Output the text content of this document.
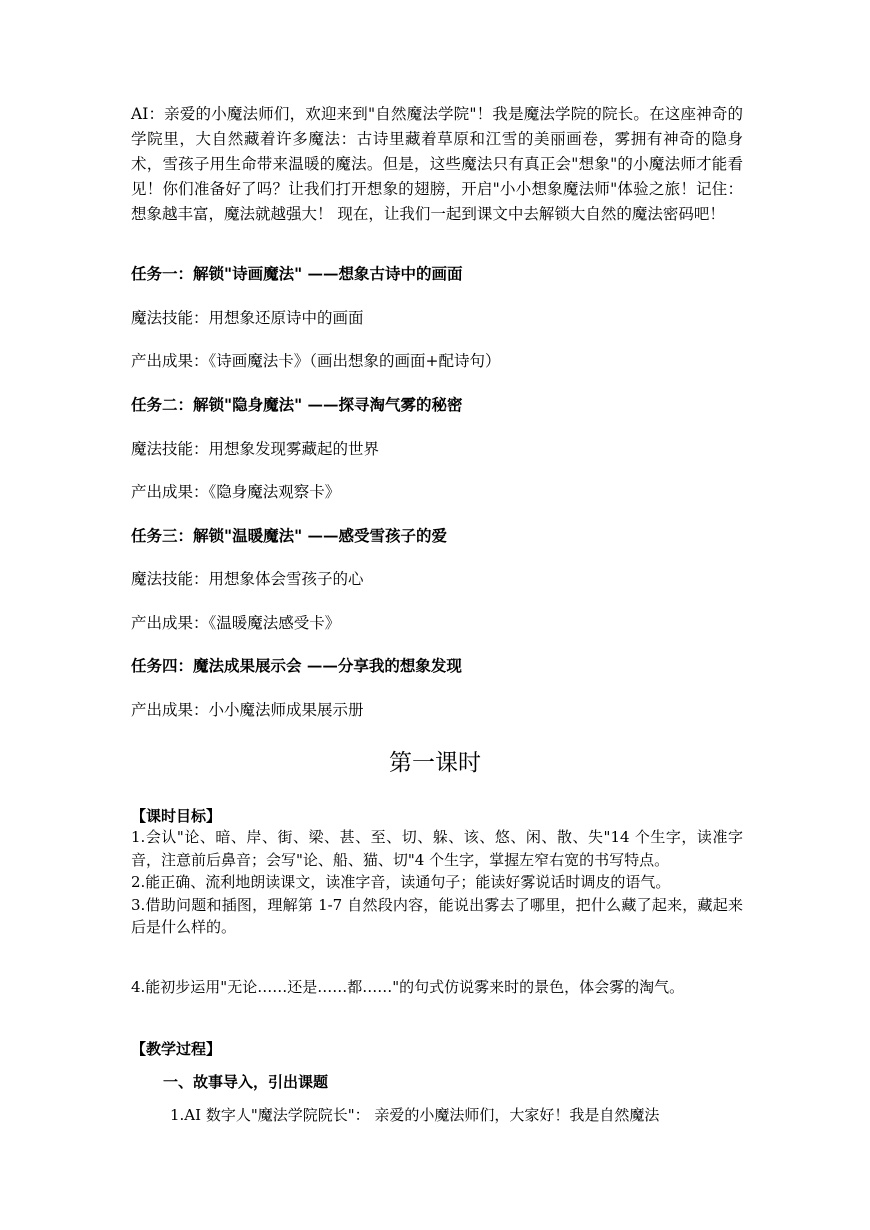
AI：亲爱的小魔法师们，欢迎来到"自然魔法学院"！我是魔法学院的院长。在这座神奇的学院里，大自然藏着许多魔法：古诗里藏着草原和江雪的美丽画卷，雾拥有神奇的隐身术，雪孩子用生命带来温暖的魔法。但是，这些魔法只有真正会"想象"的小魔法师才能看见！你们准备好了吗？让我们打开想象的翅膀，开启"小小想象魔法师"体验之旅！记住：想象越丰富，魔法就越强大！ 现在，让我们一起到课文中去解锁大自然的魔法密码吧！

任务一：解锁"诗画魔法" ——想象古诗中的画面

魔法技能：用想象还原诗中的画面

产出成果：《诗画魔法卡》（画出想象的画面+配诗句）

任务二：解锁"隐身魔法" ——探寻淘气雾的秘密

魔法技能：用想象发现雾藏起的世界

产出成果：《隐身魔法观察卡》

任务三：解锁"温暖魔法" ——感受雪孩子的爱

魔法技能：用想象体会雪孩子的心

产出成果：《温暖魔法感受卡》

任务四：魔法成果展示会 ——分享我的想象发现

产出成果：小小魔法师成果展示册

第一课时

【课时目标】

1.会认"论、暗、岸、街、梁、甚、至、切、躲、该、悠、闲、散、失"14 个生字，读准字音，注意前后鼻音；会写"论、船、猫、切"4 个生字，掌握左窄右宽的书写特点。
2.能正确、流利地朗读课文，读准字音，读通句子；能读好雾说话时调皮的语气。
3.借助问题和插图，理解第 1-7 自然段内容，能说出雾去了哪里，把什么藏了起来，藏起来后是什么样的。

4.能初步运用"无论……还是……都……"的句式仿说雾来时的景色，体会雾的淘气。

【教学过程】

一、故事导入，引出课题

1.AI 数字人"魔法学院院长"： 亲爱的小魔法师们，大家好！我是自然魔法
